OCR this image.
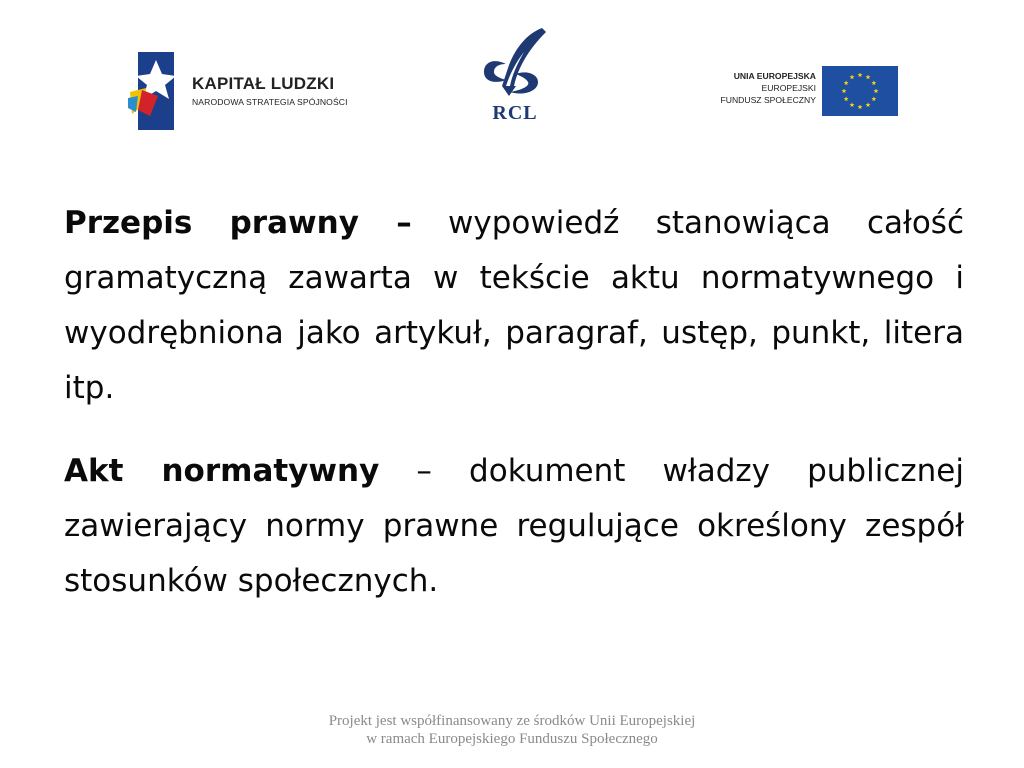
KAPITAŁ LUDZKI
NARODOWA STRATEGIA SPÓJNOŚCI	RCL
UNIA EUROPEJSKA
EUROPEJSKI
FUNDUSZ SPOŁECZNY

Przepis prawny – wypowiedź stanowiąca całość gramatyczną zawarta w tekście aktu normatywnego i wyodrębniona jako artykuł, paragraf, ustęp, punkt, litera itp.

Akt normatywny – dokument władzy publicznej zawierający normy prawne regulujące określony zespół stosunków społecznych.

Projekt jest współfinansowany ze środków Unii Europejskiej
w ramach Europejskiego Funduszu Społecznego
